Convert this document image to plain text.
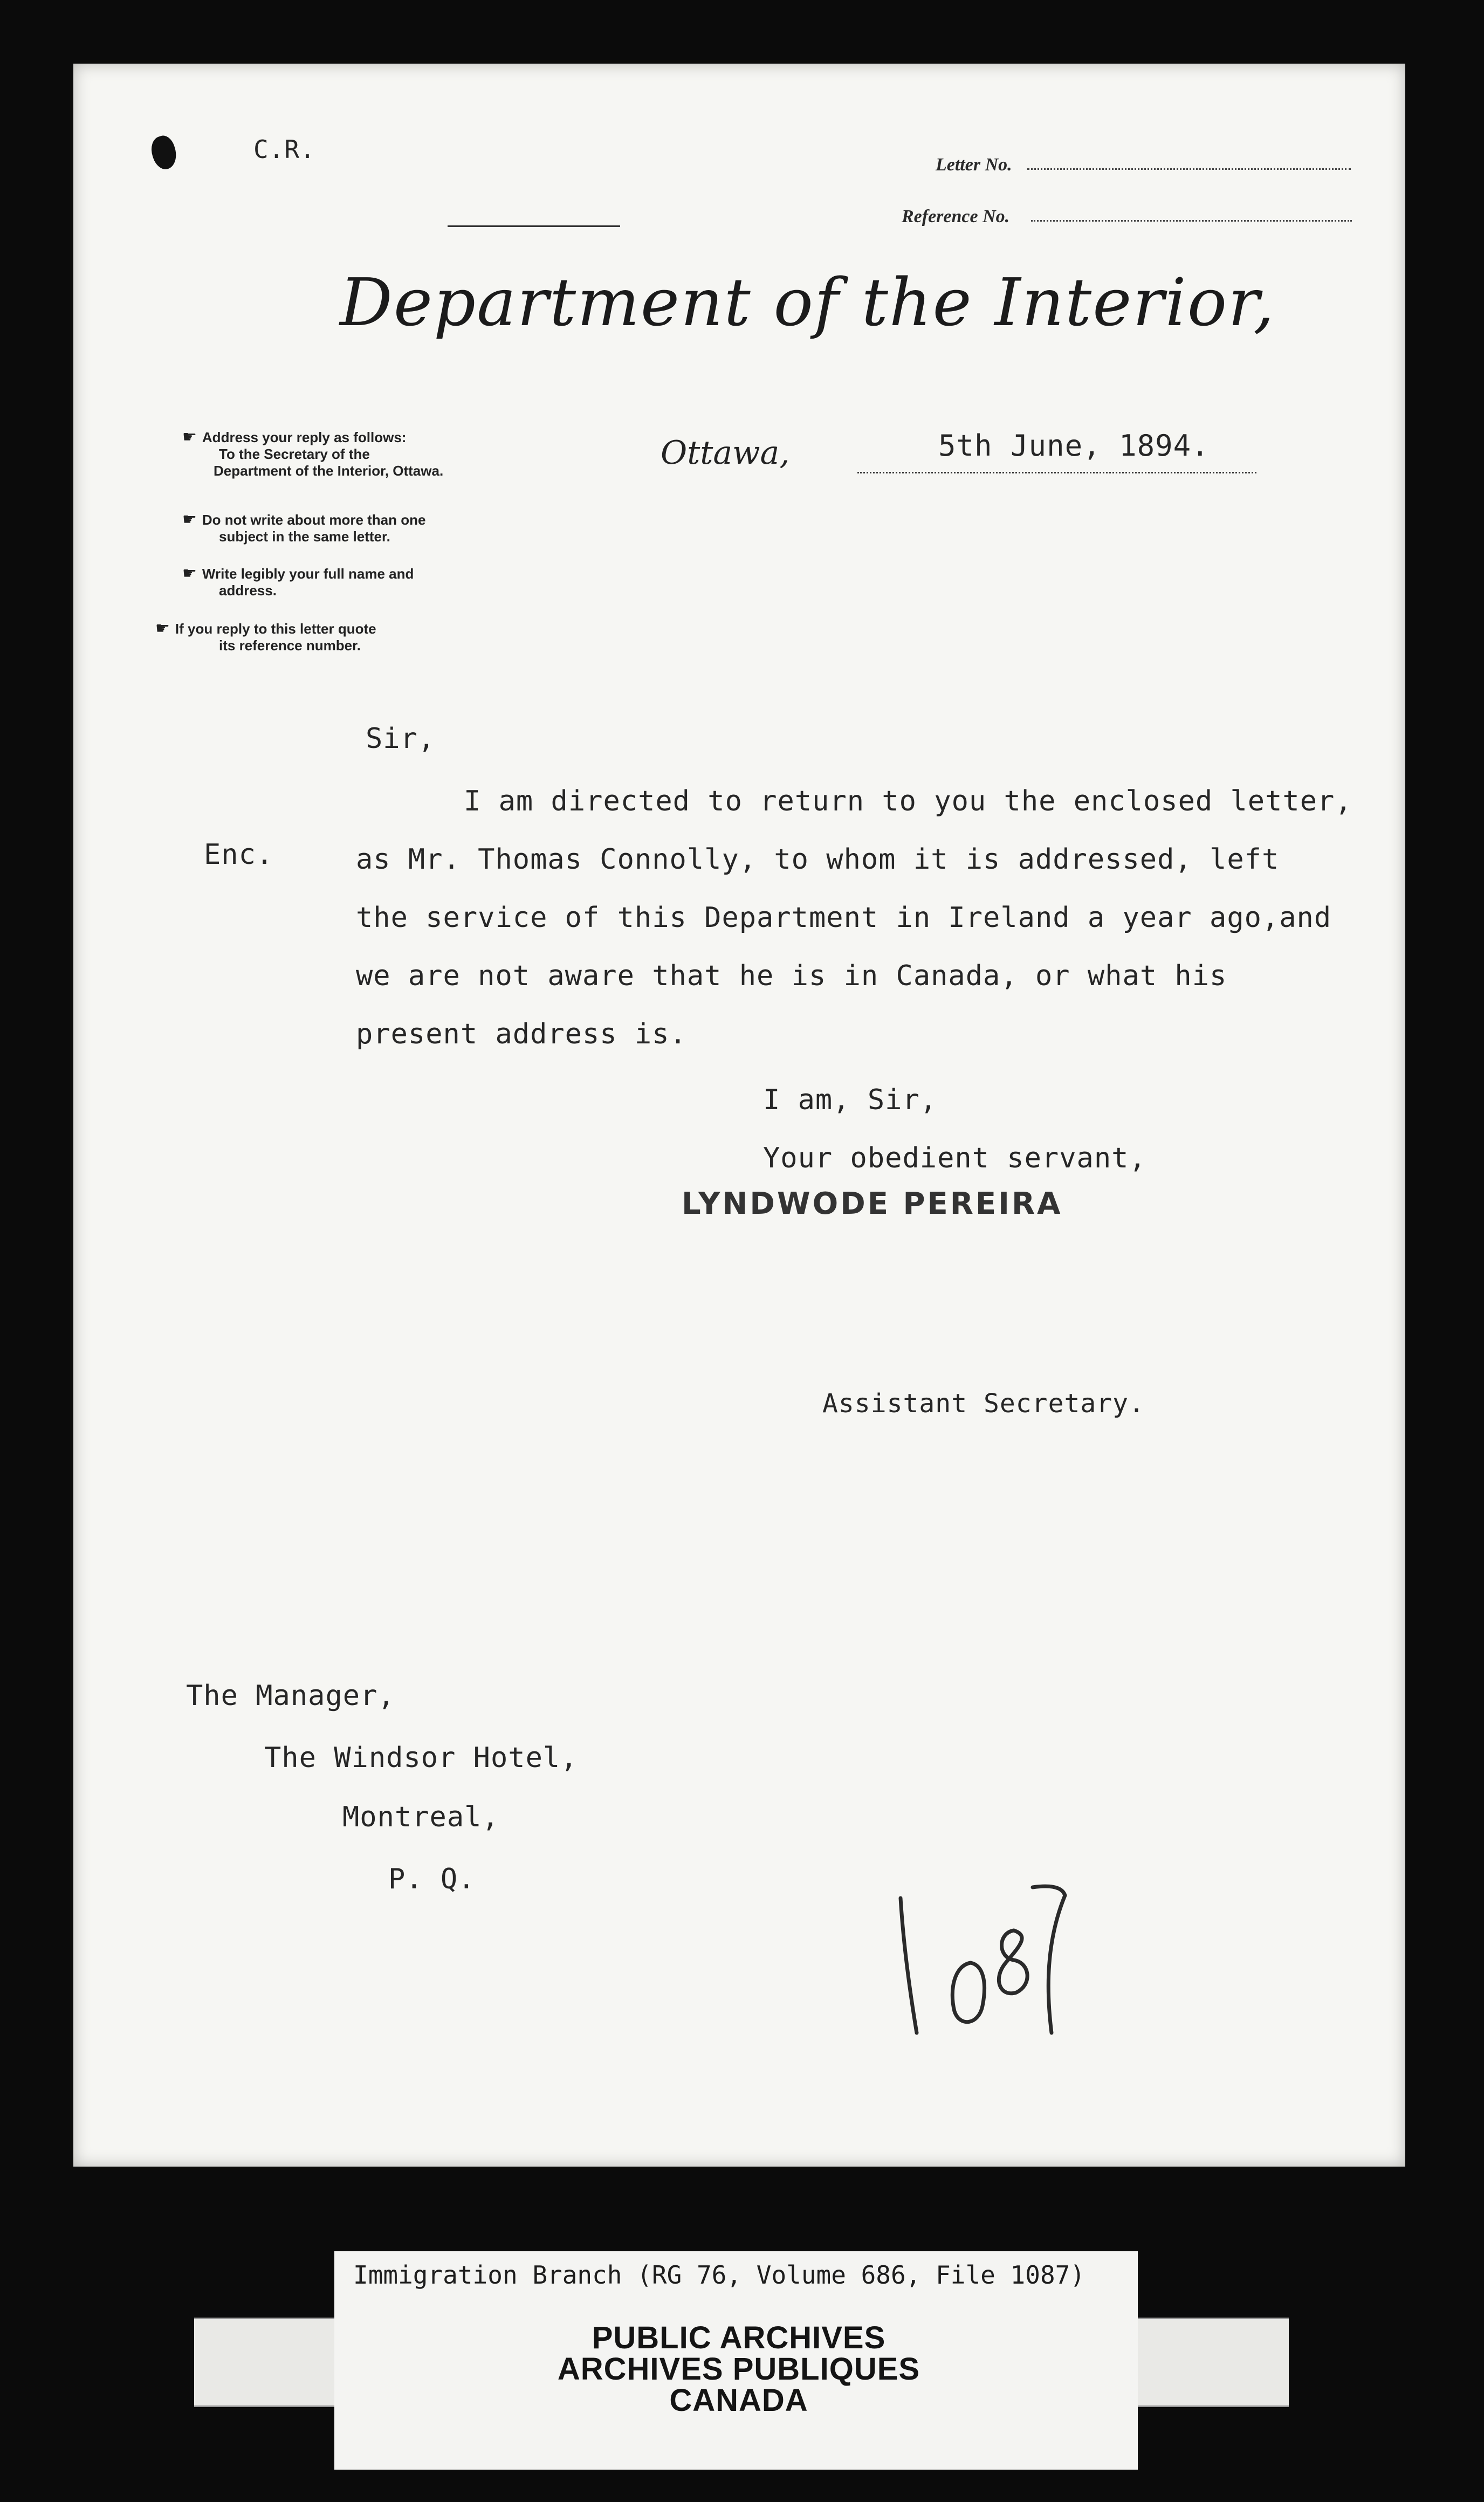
C.R.
Letter No.
Reference No.
Department of the Interior,
☛ Address your reply as follows:
To the Secretary of the
Department of the Interior, Ottawa.
☛ Do not write about more than one
subject in the same letter.
☛ Write legibly your full name and
address.
☛ If you reply to this letter quote
its reference number.
Ottawa,	5th June, 1894.
Sir,
Enc.
I am directed to return to you the enclosed letter,
as Mr. Thomas Connolly, to whom it is addressed, left
the service of this Department in Ireland a year ago,and
we are not aware that he is in Canada, or what his
present address is.
I am, Sir,
Your obedient servant,
LYNDWODE PEREIRA
Assistant Secretary.
The Manager,
The Windsor Hotel,
Montreal,
P. Q.
Immigration Branch (RG 76, Volume 686, File 1087)
PUBLIC ARCHIVES
ARCHIVES PUBLIQUES
CANADA
